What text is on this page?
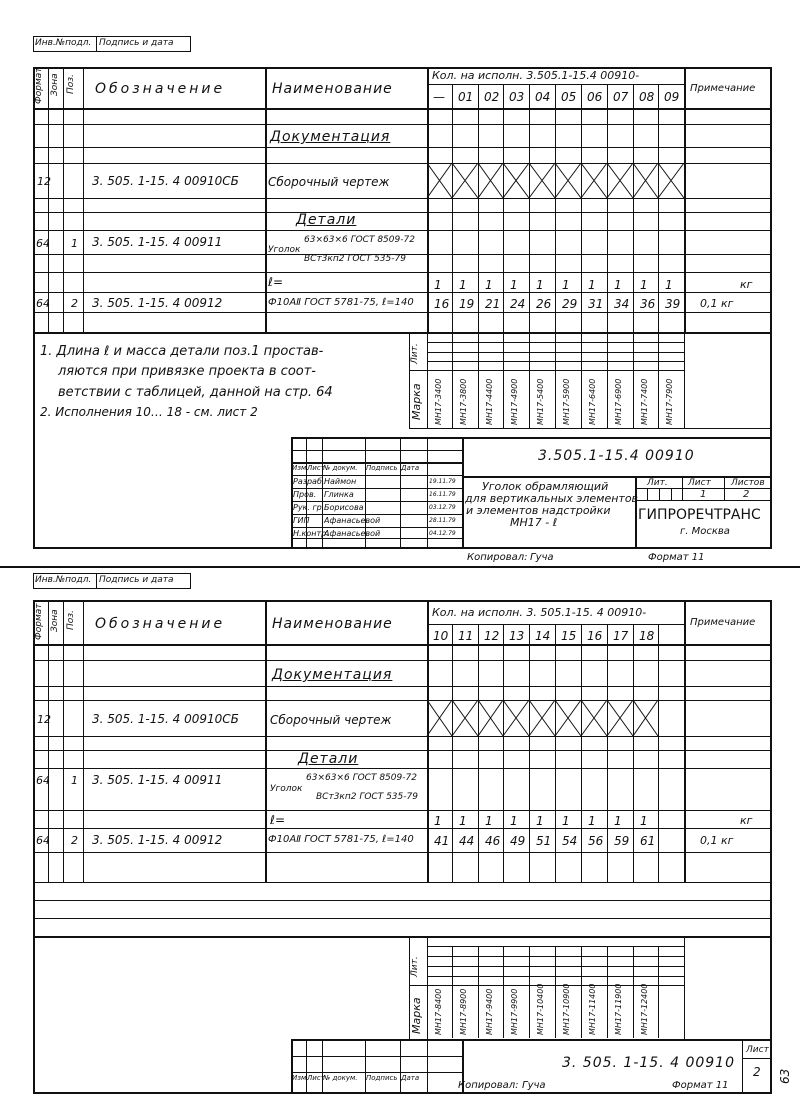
Инв.№подл. Подпись и дата
Формат Зона Поз. Обозначение	Наименование
Кол. на исполн. 3.505.1-15.4 00910-
Примечание
— 01 02 03 04 05 06 07 08 09
Документация
Детали
12	3. 505. 1-15. 4 00910СБ Сборочный чертеж
64 1 3. 505. 1-15. 4 00911
Уголок
63×63×6 ГОСТ 8509-72
ВСт3кп2 ГОСТ 535-79
ℓ=	1 1 1 1 1 1 1 1 1 1	кг
64 2 3. 505. 1-15. 4 00912	Ф10АⅡ ГОСТ 5781-75, ℓ=140 16 19 21 24 26 29 31 34 36 39 0,1 кг
1. Длина ℓ и масса детали поз.1 простав-
ляются при привязке проекта в соот-
ветствии с таблицей, данной на стр. 64
2. Исполнения 10… 18 - см. лист 2
Лит.
Марка МН17-3400 МН17-3800 МН17-4400 МН17-4900 МН17-5400 МН17-5900 МН17-6400 МН17-6900 МН17-7400 МН17-7900
3.505.1-15.4 00910
Изм.
Лист
№ докум. Подпись Дата
Разраб. Наймон	19.11.79
Пров. Глинка	16.11.79
Рук. гр. Борисова	03.12.79
ГИП Афанасьевой	28.11.79
Н.контр.
Афанасьевой	04.12.79
Уголок обрамляющий
для вертикальных элементов
и элементов надстройки
МН17 - ℓ
Лит. Лист Листов
1	2
ГИПРОРЕЧТРАНС
г. Москва
Копировал: Гуча	Формат 11
Инв.№подл. Подпись и дата
Формат Зона Поз. Обозначение	Наименование
Кол. на исполн. 3. 505.1-15. 4 00910-
Примечание
10 11 12 13 14 15 16 17 18
Документация
Детали
12	3. 505. 1-15. 4 00910СБ	Сборочный чертеж
64 1 3. 505. 1-15. 4 00911
Уголок
63×63×6 ГОСТ 8509-72
ВСт3кп2 ГОСТ 535-79
ℓ=	1 1 1 1 1 1 1 1 1	кг
64 2 3. 505. 1-15. 4 00912	Ф10АⅡ ГОСТ 5781-75, ℓ=140 41 44 46 49 51 54 56 59 61	0,1 кг
Лит.
Марка МН17-8400 МН17-8900 МН17-9400 МН17-9900 МН17-10400 МН17-10900 МН17-11400 МН17-11900 МН17-12400
3. 505. 1-15. 4 00910
Лист
2
Изм.
Лист
№ докум. Подпись Дата
Копировал: Гуча	Формат 11
63
